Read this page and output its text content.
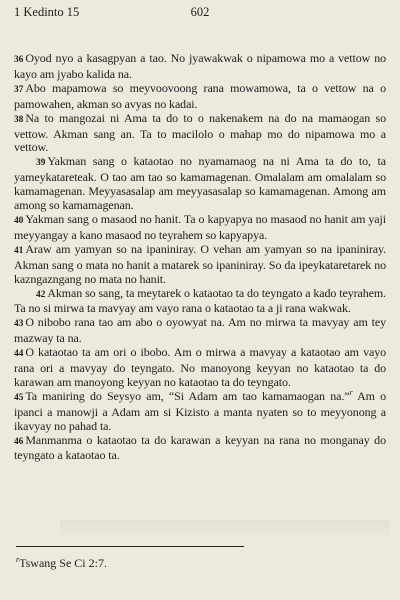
1 Kedinto 15	602

36 Oyod nyo a kasagpyan a tao. No jyawakwak o nipamowa mo a vettow no kayo am jyabo kalida na.

37 Abo mapamowa so meyvoovoong rana mowamowa, ta o vettow na o pamowahen, akman so avyas no kadai.

38 Na to mangozai ni Ama ta do to o nakenakem na do na mamaogan so vettow. Akman sang an. Ta to macilolo o mahap mo do nipamowa mo a vettow.

39 Yakman sang o kataotao no nyamamaog na ni Ama ta do to, ta yameykatareteak. O tao am tao so kamamagenan. Omalalam am omalalam so kamamagenan. Meyyasasalap am meyyasasalap so kamamagenan. Among am among so kamamagenan.

40 Yakman sang o masaod no hanit. Ta o kapyapya no masaod no hanit am yaji meyyangay a kano masaod no teyrahem so kapyapya.

41 Araw am yamyan so na ipaniniray. O vehan am yamyan so na ipaniniray. Akman sang o mata no hanit a matarek so ipaniniray. So da ipeykataretarek no kazngazngang no mata no hanit.

42 Akman so sang, ta meytarek o kataotao ta do teyngato a kado teyrahem. Ta no si mirwa ta mavyay am vayo rana o kataotao ta a ji rana wakwak.

43 O nibobo rana tao am abo o oyowyat na. Am no mirwa ta mavyay am tey mazway ta na.

44 O kataotao ta am ori o ibobo. Am o mirwa a mavyay a kataotao am vayo rana ori a mavyay do teyngato. No manoyong keyyan no kataotao ta do karawan am manoyong keyyan no kataotao ta do teyngato.

45 Ta maniring do Seysyo am, “Si Adam am tao kamamaogan na.”$^r$ Am o ipanci a manowji a Adam am si Kizisto a manta nyaten so to meyyonong a ikavyay no pahad ta.

46 Manmanma o kataotao ta do karawan a keyyan na rana no monganay do teyngato a kataotao ta.

$^r$Tswang Se Ci 2:7.
